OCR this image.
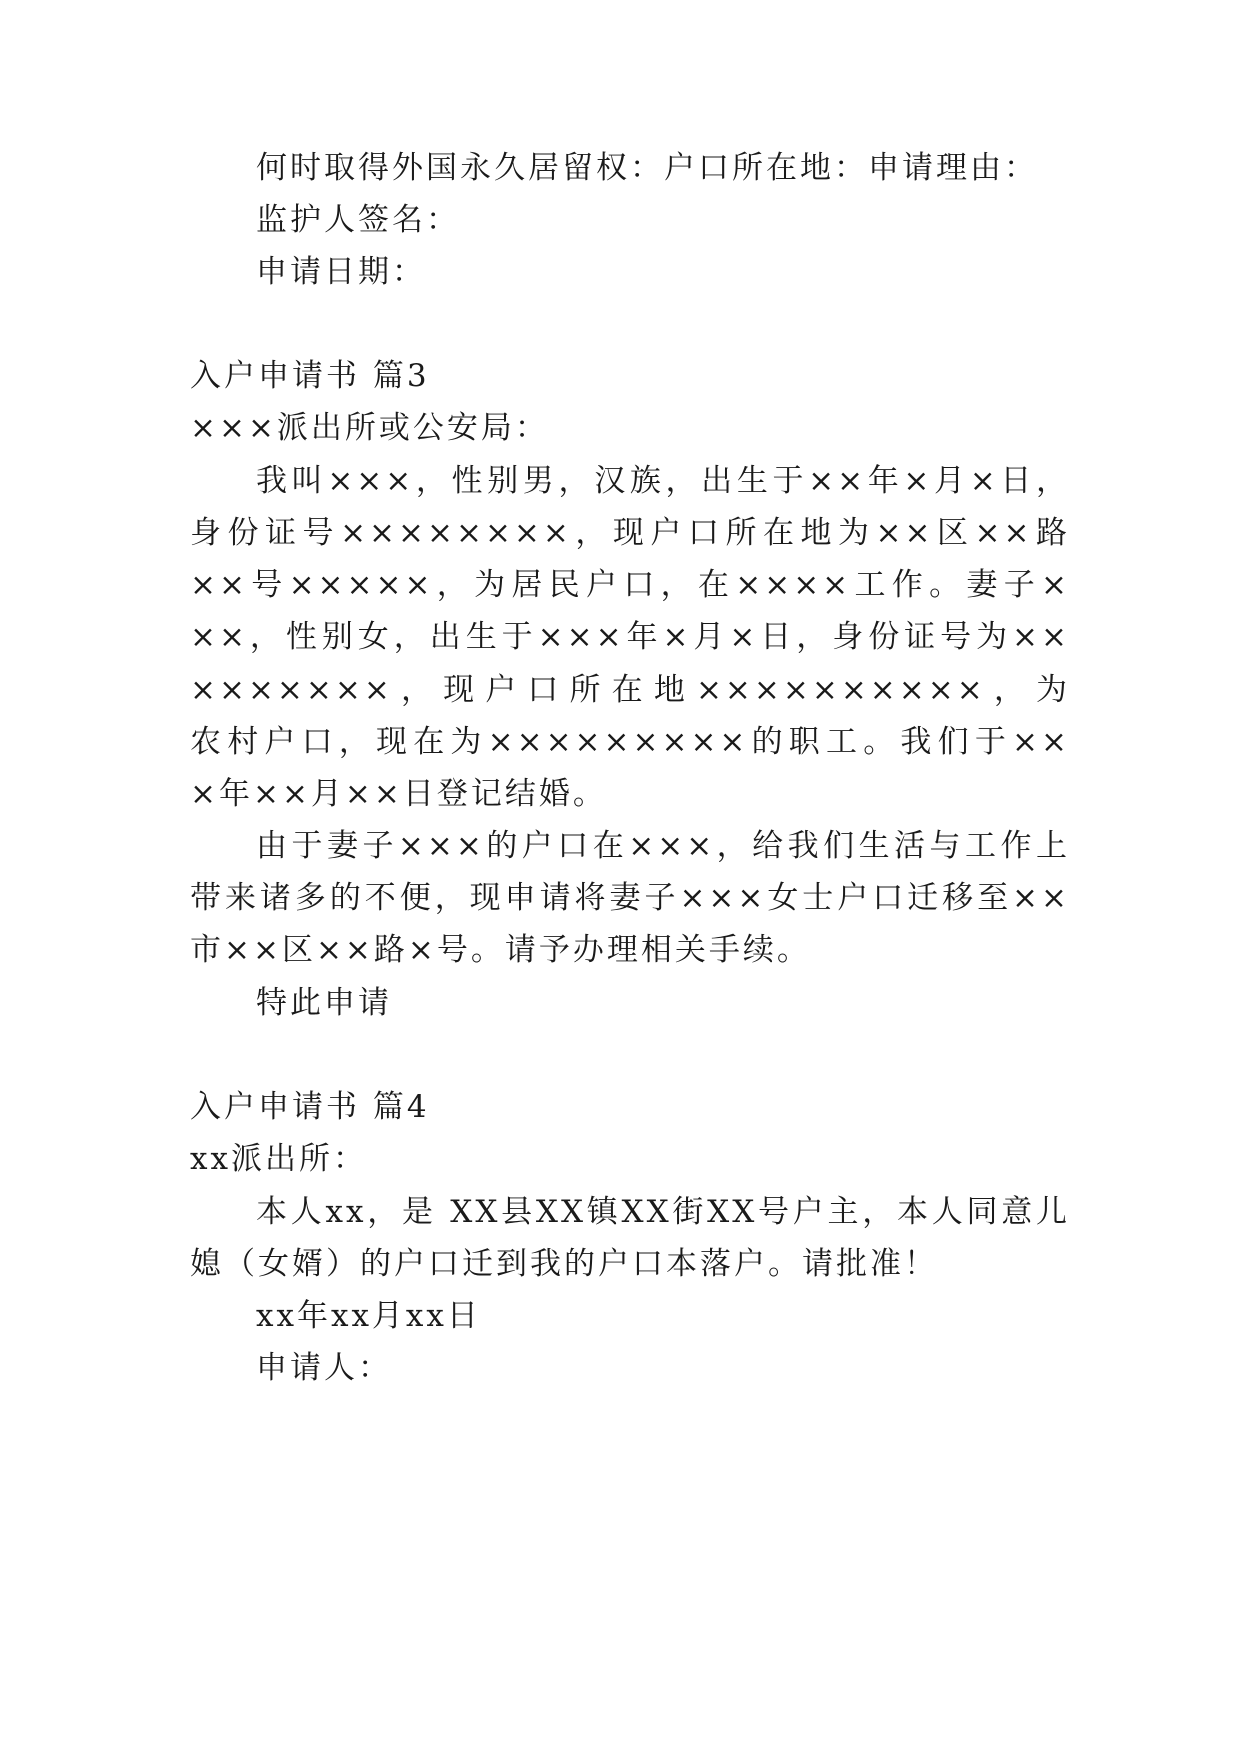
何时取得外国永久居留权：户口所在地：申请理由：
监护人签名：
申请日期：
入户申请书 篇3
×××派出所或公安局：
我叫×××，性别男，汉族，出生于××年×月×日，
身份证号××××××××，现户口所在地为××区××路
××号×××××，为居民户口，在××××工作。妻子×
××，性别女，出生于×××年×月×日，身份证号为××
×××××××，现户口所在地××××××××××，为
农村户口，现在为×××××××××的职工。我们于××
×年××月××日登记结婚。
由于妻子×××的户口在×××，给我们生活与工作上
带来诸多的不便，现申请将妻子×××女士户口迁移至××
市××区××路×号。请予办理相关手续。
特此申请
入户申请书 篇4
xx派出所：
本人xx，是 XX县XX镇XX街XX号户主，本人同意儿
媳（女婿）的户口迁到我的户口本落户。请批准！
xx年xx月xx日
申请人：
